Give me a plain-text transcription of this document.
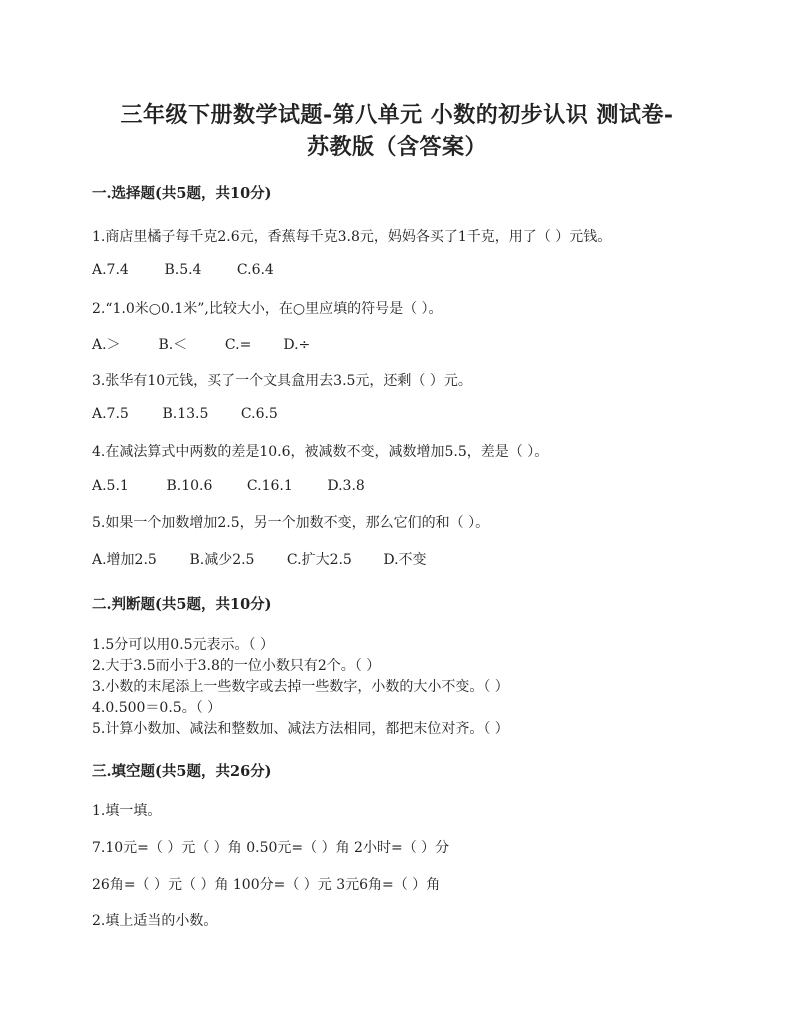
三年级下册数学试题-第八单元 小数的初步认识 测试卷-
苏教版（含答案）
一.选择题(共5题，共10分)
1.商店里橘子每千克2.6元，香蕉每千克3.8元，妈妈各买了1千克，用了（ ）元钱。
A.7.4	B.5.4	C.6.4
2.“1.0米○0.1米”,比较大小，在○里应填的符号是（ ）。
A.＞	B.＜	C.= D.÷
3.张华有10元钱，买了一个文具盒用去3.5元，还剩（ ）元。
A.7.5 B.13.5 C.6.5
4.在减法算式中两数的差是10.6，被减数不变，减数增加5.5，差是（ ）。
A.5.1	B.10.6 C.16.1 D.3.8
5.如果一个加数增加2.5，另一个加数不变，那么它们的和（ ）。
A.增加2.5 B.减少2.5 C.扩大2.5 D.不变
二.判断题(共5题，共10分)
1.5分可以用0.5元表示。（ ）
2.大于3.5而小于3.8的一位小数只有2个。（ ）
3.小数的末尾添上一些数字或去掉一些数字，小数的大小不变。（ ）
4.0.500＝0.5。（ ）
5.计算小数加、减法和整数加、减法方法相同，都把末位对齐。（ ）
三.填空题(共5题，共26分)
1.填一填。
7.10元=（ ）元（ ）角 0.50元=（ ）角 2小时=（ ）分
26角=（ ）元（ ）角 100分=（ ）元 3元6角=（ ）角
2.填上适当的小数。
